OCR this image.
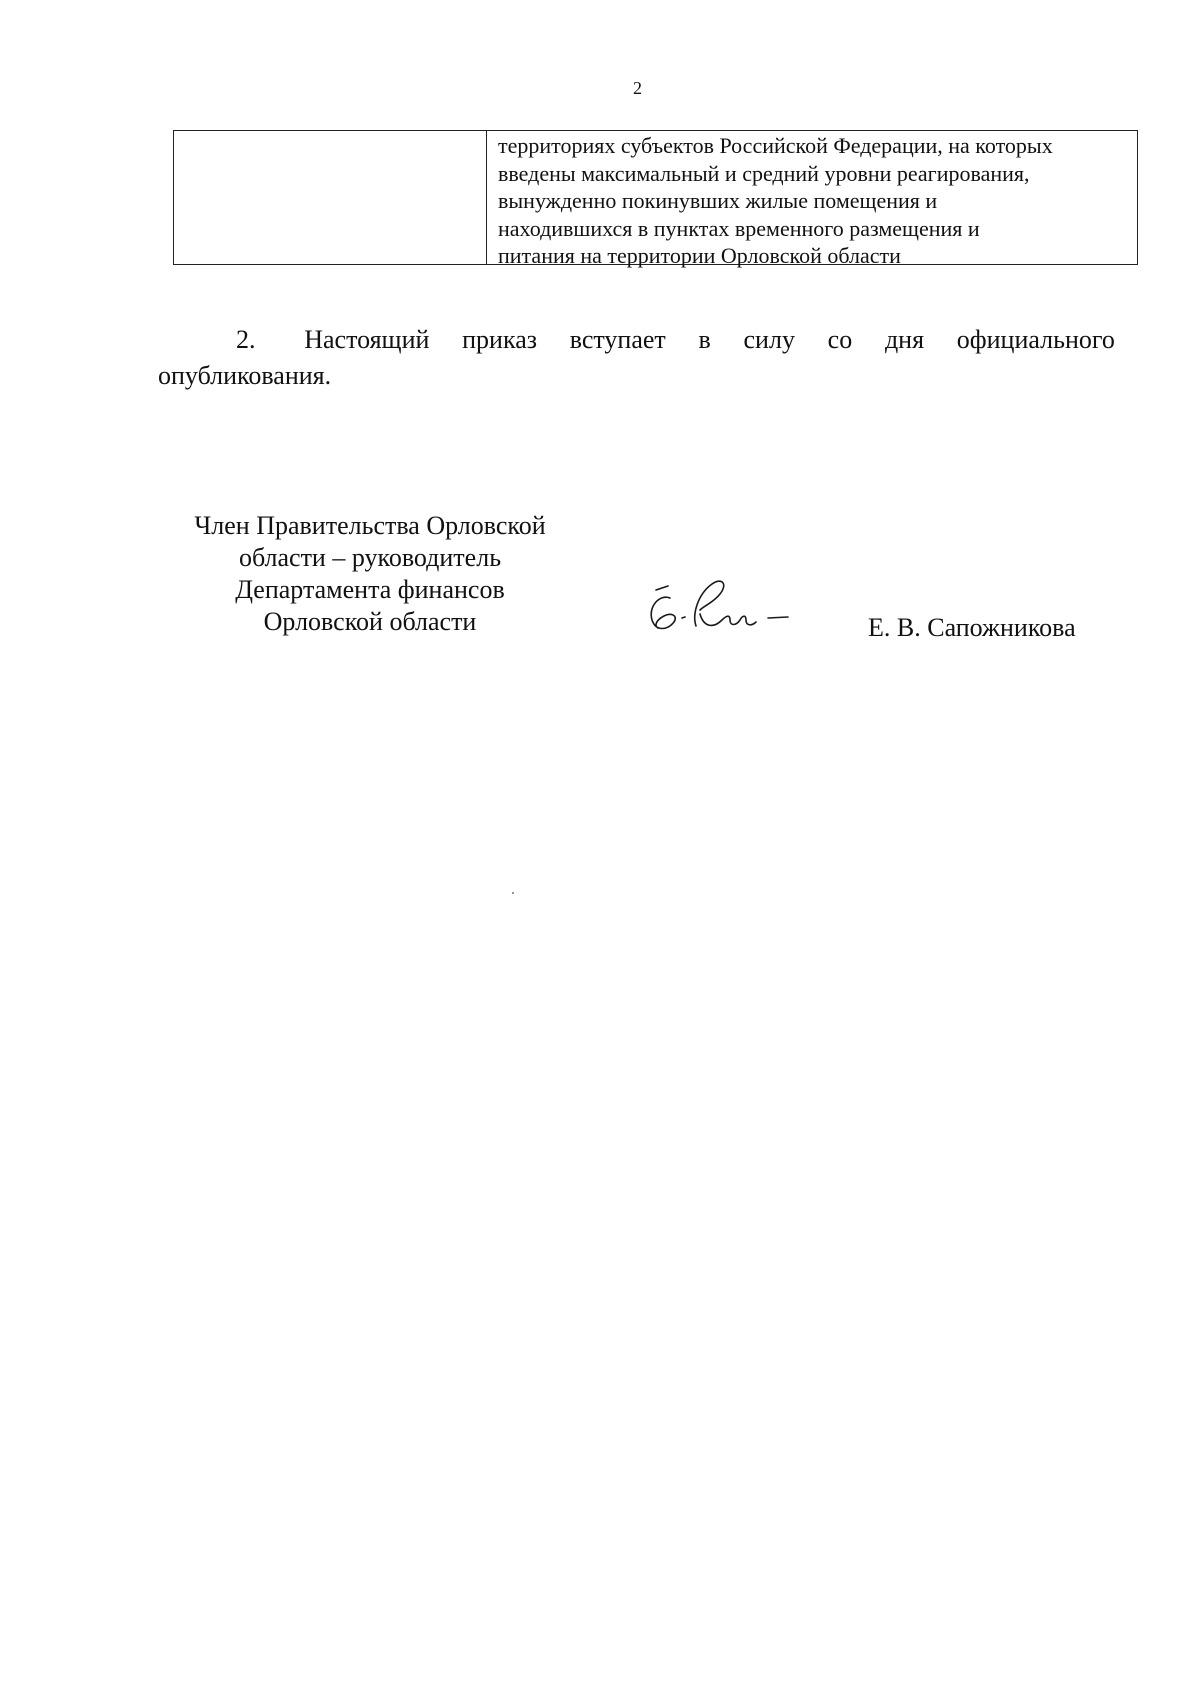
2
территориях субъектов Российской Федерации, на которых
введены максимальный и средний уровни реагирования,
вынужденно покинувших жилые помещения и
находившихся в пунктах временного размещения и
питания на территории Орловской области
2. Настоящий приказ вступает в силу со дня официального
опубликования.
Член Правительства Орловской
области – руководитель
Департамента финансов
Орловской области	Е. В. Сапожникова
